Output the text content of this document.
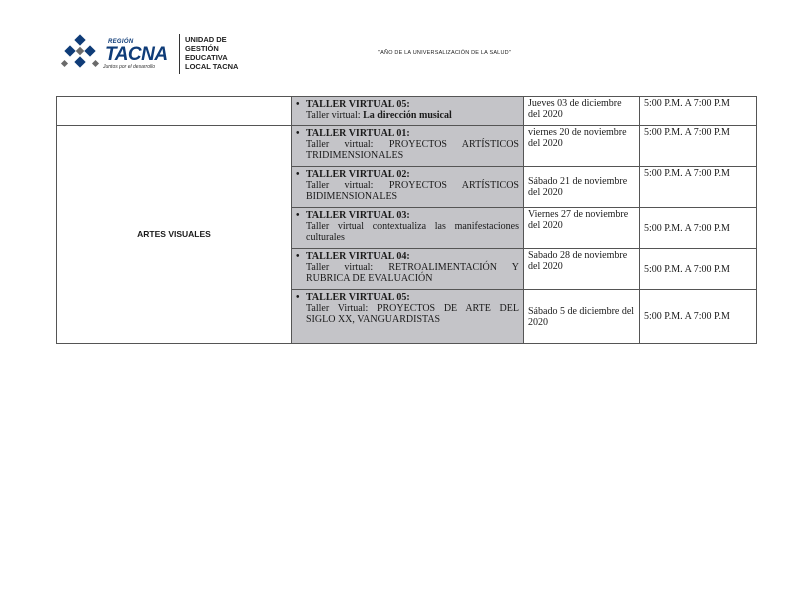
REGIÓN
TACNA
Juntos por el desarrollo
UNIDAD DE
GESTIÓN
EDUCATIVA
LOCAL TACNA
"AÑO DE LA UNIVERSALIZACIÓN DE LA SALUD"

	• TALLER VIRTUAL 05:
Taller virtual: La dirección musical	Jueves 03 de diciembre del 2020	5:00 P.M. A 7:00 P.M
ARTES VISUALES	• TALLER VIRTUAL 01:
Taller virtual: PROYECTOS ARTÍSTICOS TRIDIMENSIONALES	viernes 20 de noviembre del 2020	5:00 P.M. A 7:00 P.M

	• TALLER VIRTUAL 02:
Taller virtual: PROYECTOS ARTÍSTICOS BIDIMENSIONALES	Sábado 21 de noviembre del 2020	5:00 P.M. A 7:00 P.M

	• TALLER VIRTUAL 03:
Taller virtual contextualiza las manifestaciones culturales	Viernes 27 de noviembre del 2020	5:00 P.M. A 7:00 P.M

	• TALLER VIRTUAL 04:
Taller virtual: RETROALIMENTACIÓN Y RUBRICA DE EVALUACIÓN	Sabado 28 de noviembre del 2020	5:00 P.M. A 7:00 P.M

	• TALLER VIRTUAL 05:
Taller Virtual: PROYECTOS DE ARTE DEL SIGLO XX, VANGUARDISTAS	Sábado 5 de diciembre del 2020	5:00 P.M. A 7:00 P.M
